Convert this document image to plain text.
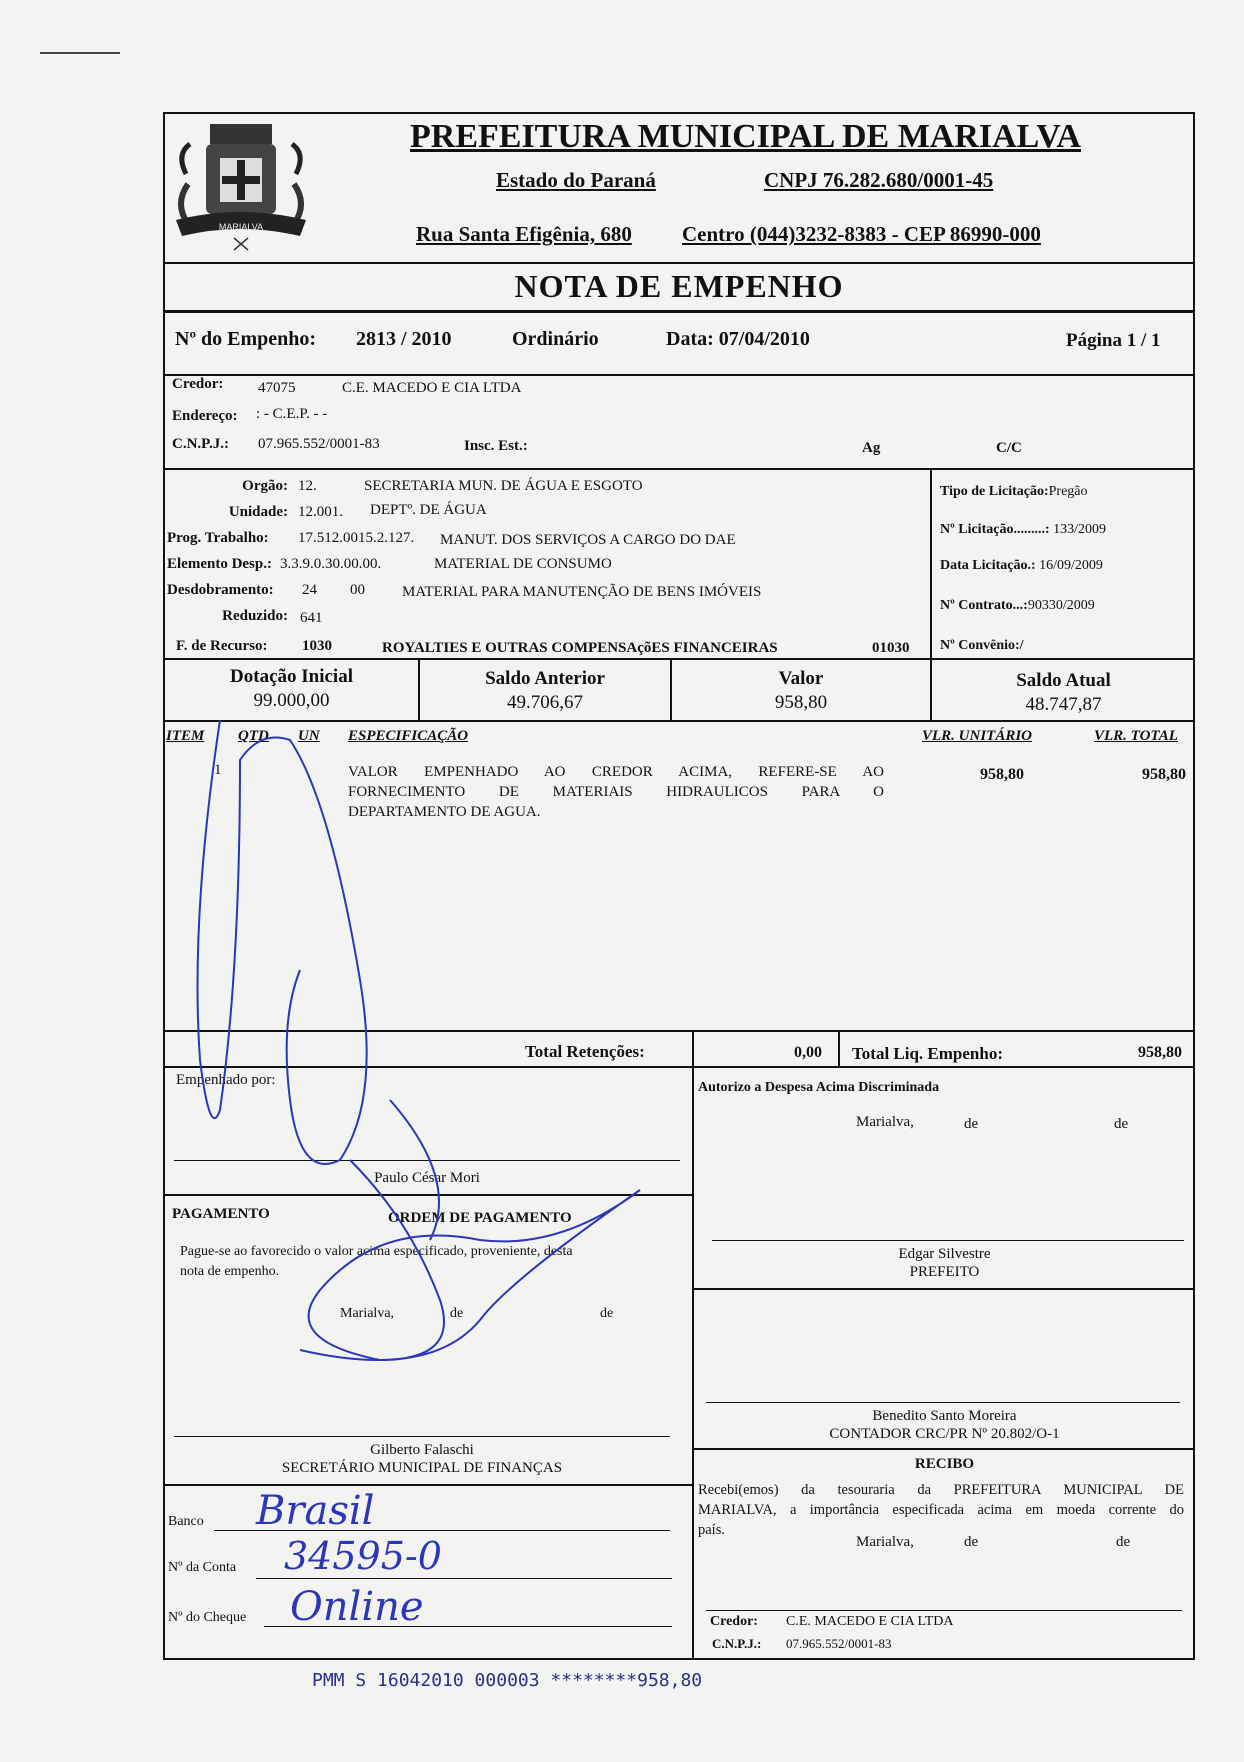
MARIALVA
PREFEITURA MUNICIPAL DE MARIALVA
Estado do Paraná	CNPJ 76.282.680/0001-45
Rua Santa Efigênia, 680 Centro (044)3232-8383 - CEP 86990-000
NOTA DE EMPENHO
Nº do Empenho: 2813 / 2010	Ordinário	Data: 07/04/2010	Página 1 / 1
Credor: 47075	C.E. MACEDO E CIA LTDA
Endereço: : - C.E.P. - -
C.N.P.J.: 07.965.552/0001-83	Insc. Est.:	Ag	C/C
Orgão: 12.	SECRETARIA MUN. DE ÁGUA E ESGOTO
Unidade: 12.001. DEPTº. DE ÁGUA
Prog. Trabalho: 17.512.0015.2.127. MANUT. DOS SERVIÇOS A CARGO DO DAE
Elemento Desp.: 3.3.9.0.30.00.00.	MATERIAL DE CONSUMO
Desdobramento: 24 00 MATERIAL PARA MANUTENÇÃO DE BENS IMÓVEIS
Reduzido: 641
F. de Recurso: 1030	ROYALTIES E OUTRAS COMPENSAçõES FINANCEIRAS	01030
Tipo de Licitação:Pregão
Nº Licitação.........: 133/2009
Data Licitação.: 16/09/2009
Nº Contrato...:90330/2009
Nº Convênio:/
Dotação Inicial
99.000,00
Saldo Anterior
49.706,67
Valor
958,80
Saldo Atual
48.747,87
ITEM QTD UN ESPECIFICAÇÃO	VLR. UNITÁRIO	VLR. TOTAL
1	VALOR EMPENHADO AO CREDOR ACIMA, REFERE-SE AO
FORNECIMENTO DE MATERIAIS HIDRAULICOS PARA O
DEPARTAMENTO DE AGUA.
958,80	958,80
Total Retenções:	0,00 Total Liq. Empenho:	958,80
Empenhado por:
Paulo César Mori
Autorizo a Despesa Acima Discriminada
Marialva,	de	de
Edgar Silvestre
PREFEITO
PAGAMENTO	ORDEM DE PAGAMENTO
Pague-se ao favorecido o valor acima especificado, proveniente, desta
nota de empenho.
Marialva,	de	de
Gilberto Falaschi
SECRETÁRIO MUNICIPAL DE FINANÇAS
Benedito Santo Moreira
CONTADOR CRC/PR Nº 20.802/O-1
RECIBO
Recebi(emos) da tesouraria da PREFEITURA MUNICIPAL DE
MARIALVA, a importância especificada acima em moeda corrente do
país.
Marialva,	de	de
Credor: C.E. MACEDO E CIA LTDA
C.N.P.J.: 07.965.552/0001-83
Banco
Nº da Conta
Nº do Cheque
Brasil
34595-0
Online
PMM S 16042010 000003 ********958,80
